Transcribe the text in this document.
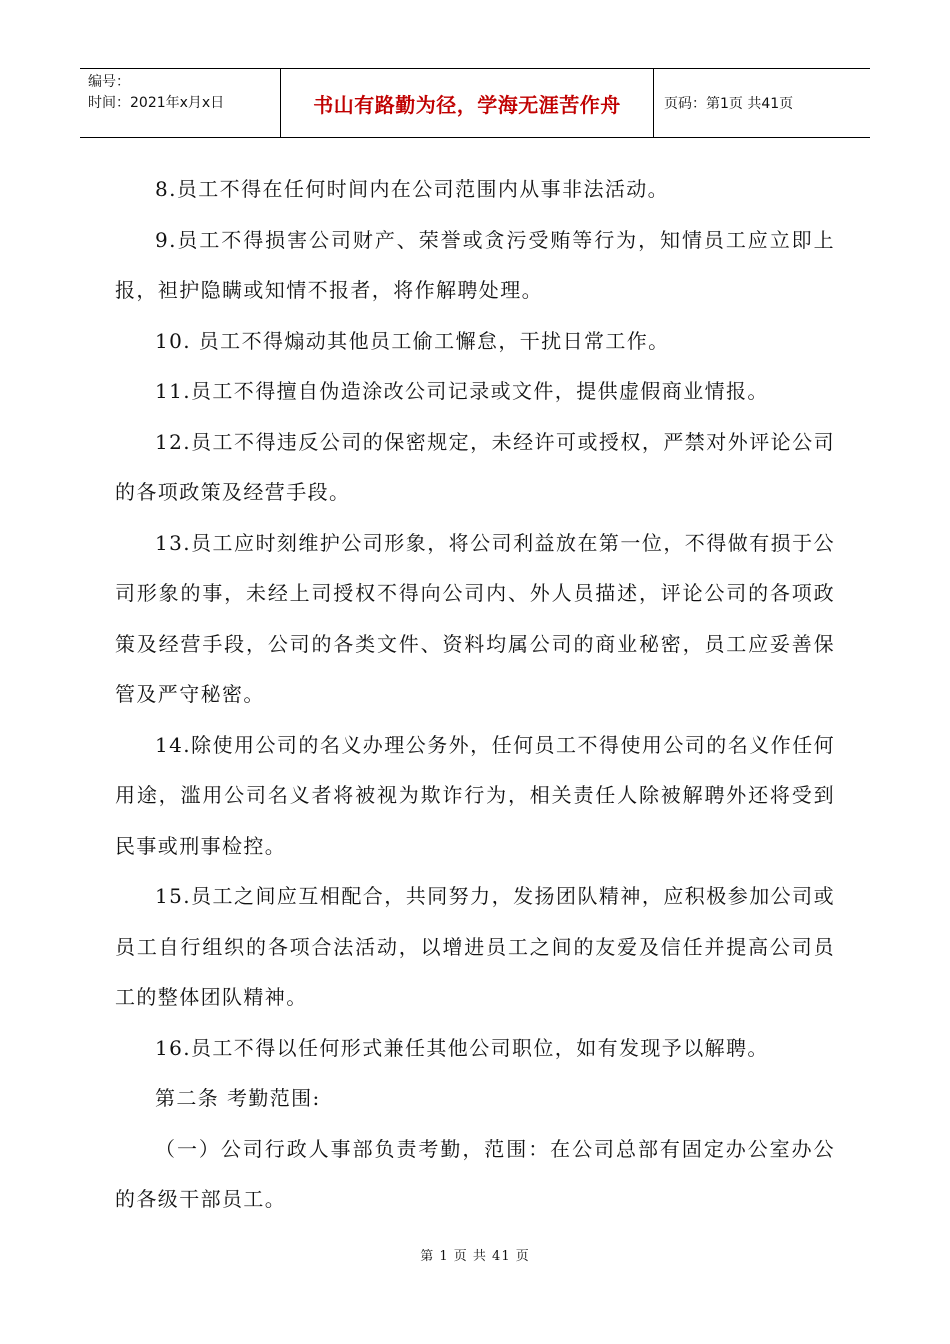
编号：
时间：2021年x月x日	书山有路勤为径，学海无涯苦作舟	页码：第1页 共41页

8.员工不得在任何时间内在公司范围内从事非法活动。

9.员工不得损害公司财产、荣誉或贪污受贿等行为，知情员工应立即上报，袒护隐瞒或知情不报者，将作解聘处理。

10. 员工不得煽动其他员工偷工懈怠，干扰日常工作。

11.员工不得擅自伪造涂改公司记录或文件，提供虚假商业情报。

12.员工不得违反公司的保密规定，未经许可或授权，严禁对外评论公司的各项政策及经营手段。

13.员工应时刻维护公司形象，将公司利益放在第一位，不得做有损于公司形象的事，未经上司授权不得向公司内、外人员描述，评论公司的各项政策及经营手段，公司的各类文件、资料均属公司的商业秘密，员工应妥善保管及严守秘密。

14.除使用公司的名义办理公务外，任何员工不得使用公司的名义作任何用途，滥用公司名义者将被视为欺诈行为，相关责任人除被解聘外还将受到民事或刑事检控。

15.员工之间应互相配合，共同努力，发扬团队精神，应积极参加公司或员工自行组织的各项合法活动，以增进员工之间的友爱及信任并提高公司员工的整体团队精神。

16.员工不得以任何形式兼任其他公司职位，如有发现予以解聘。

第二条 考勤范围:

（一）公司行政人事部负责考勤，范围：在公司总部有固定办公室办公的各级干部员工。

第 1 页 共 41 页
